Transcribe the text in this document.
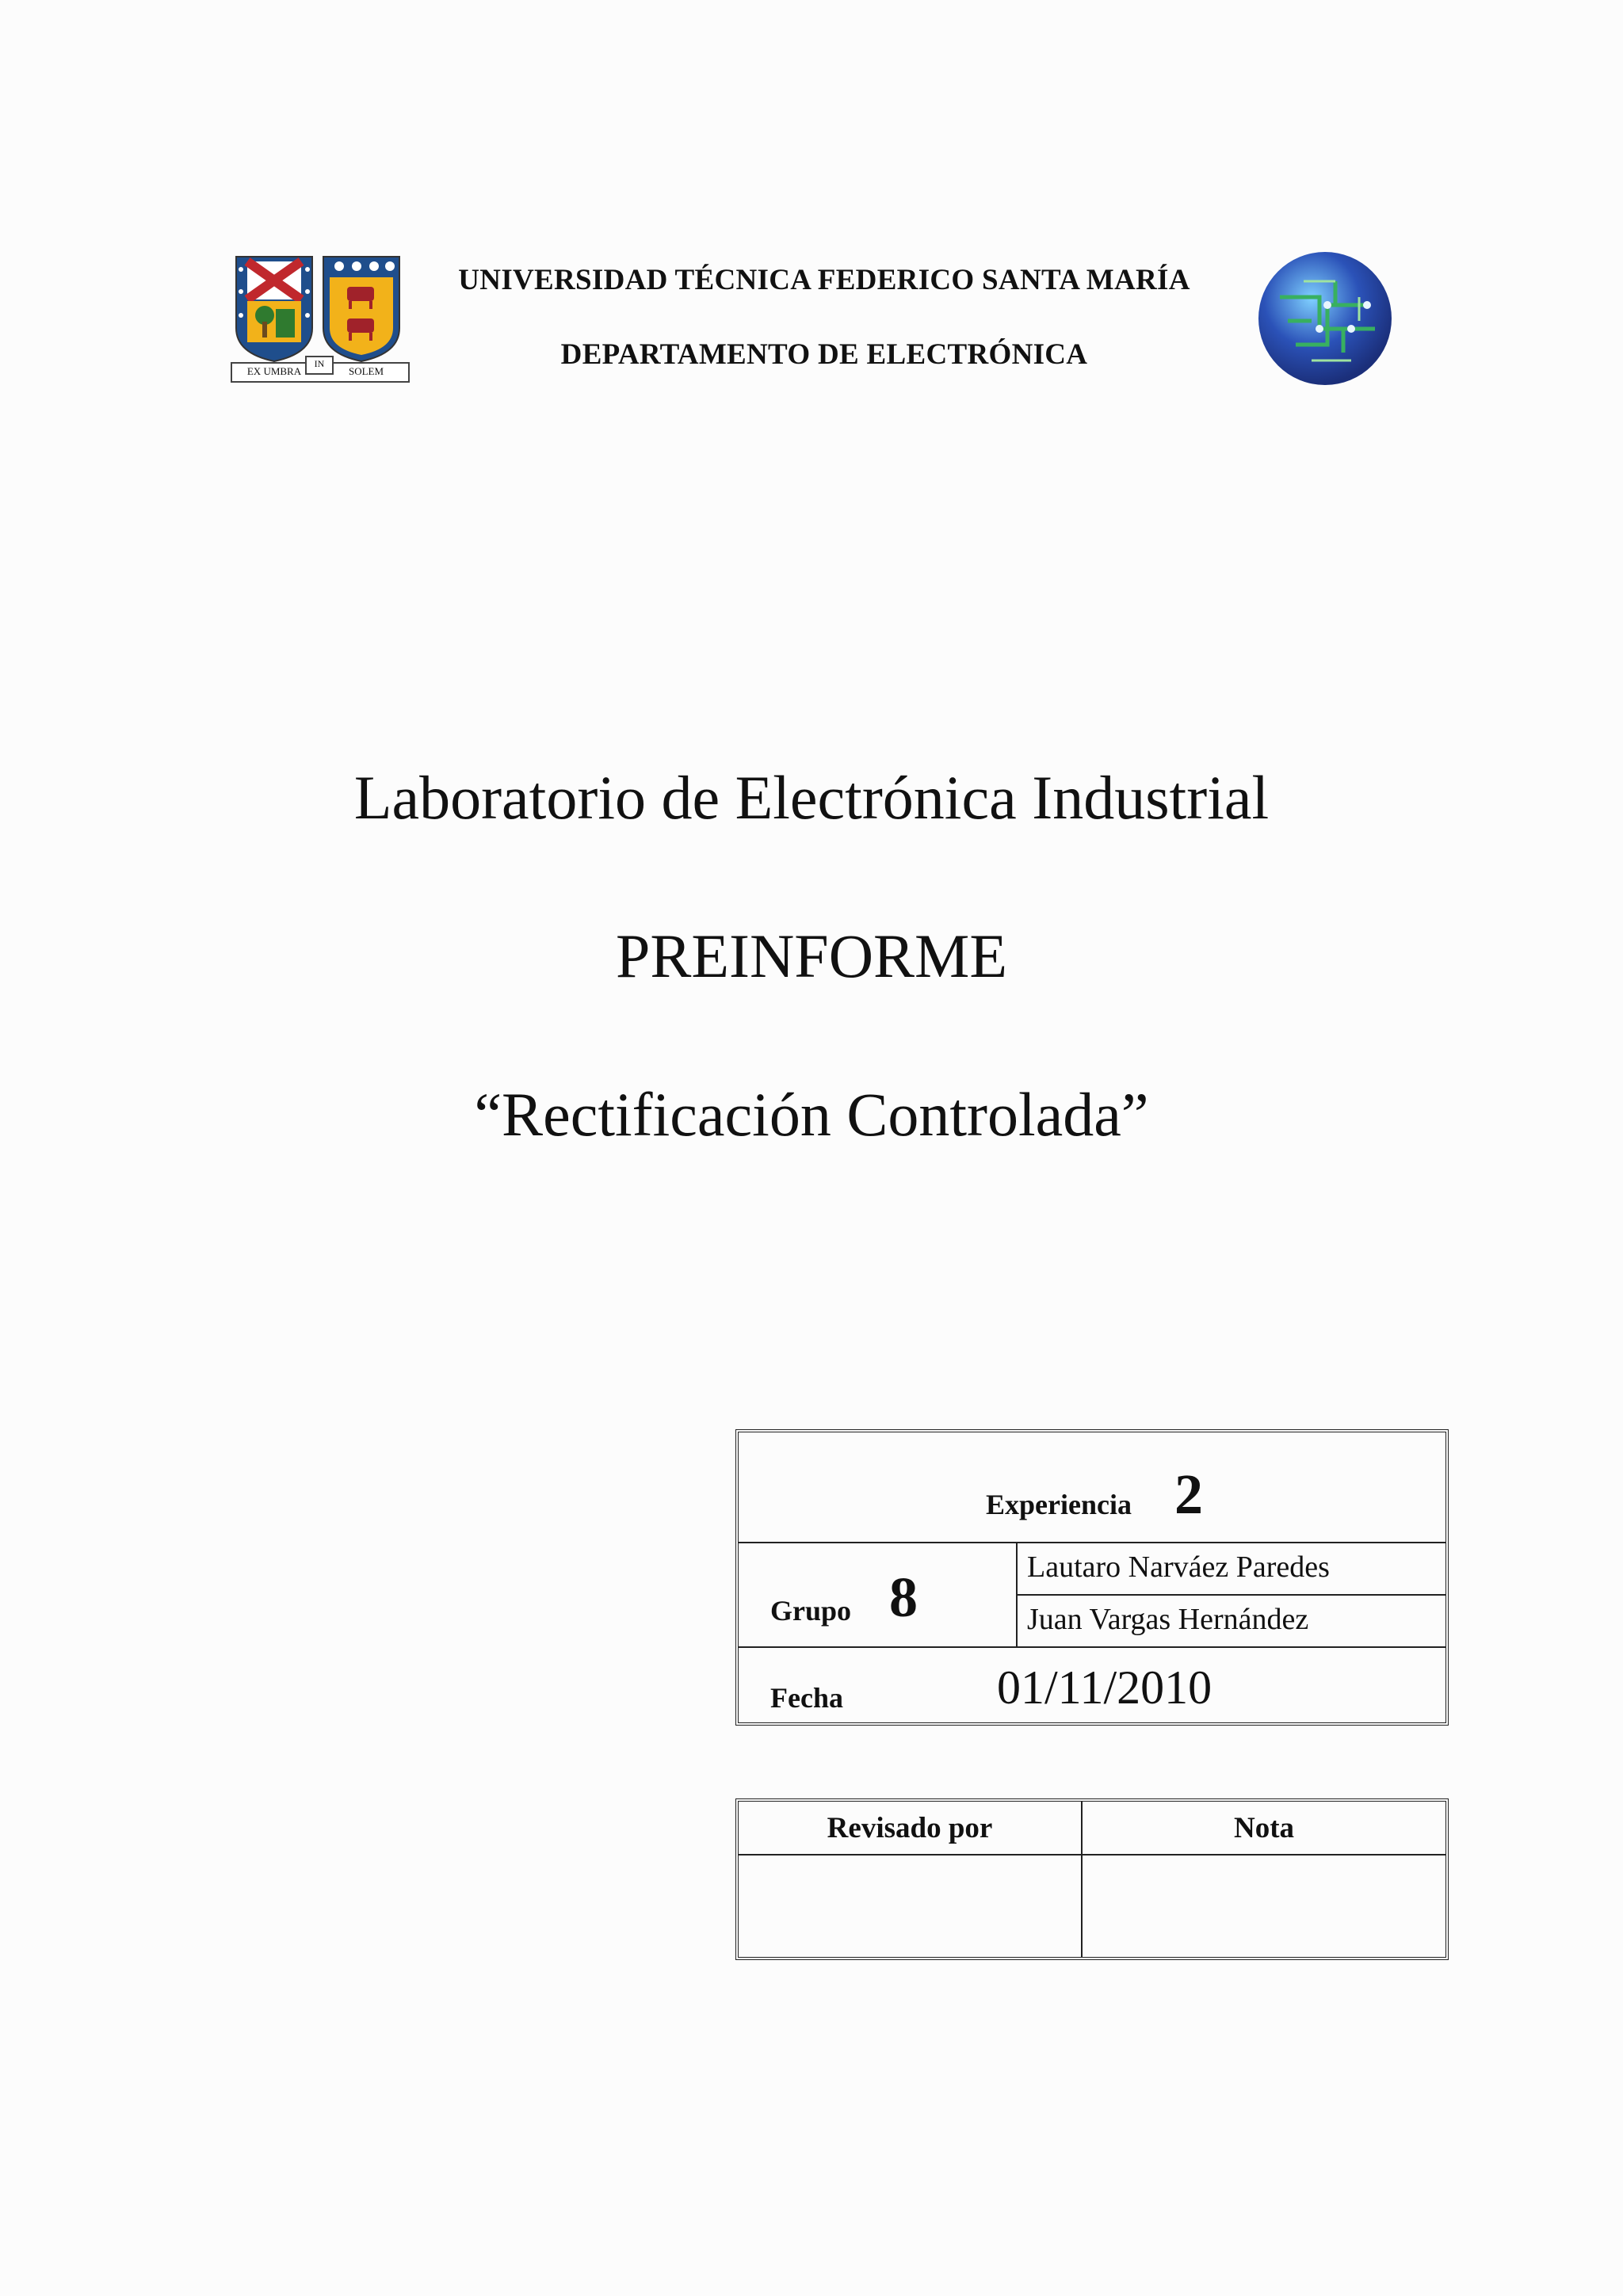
EX UMBRA
IN
SOLEM
UNIVERSIDAD TÉCNICA FEDERICO SANTA MARÍA
DEPARTAMENTO DE ELECTRÓNICA
Laboratorio de Electrónica Industrial
PREINFORME
“Rectificación Controlada”
Experiencia 2
Grupo 8	Lautaro Narváez Paredes
Juan Vargas Hernández
Fecha	01/11/2010
Revisado por	Nota
